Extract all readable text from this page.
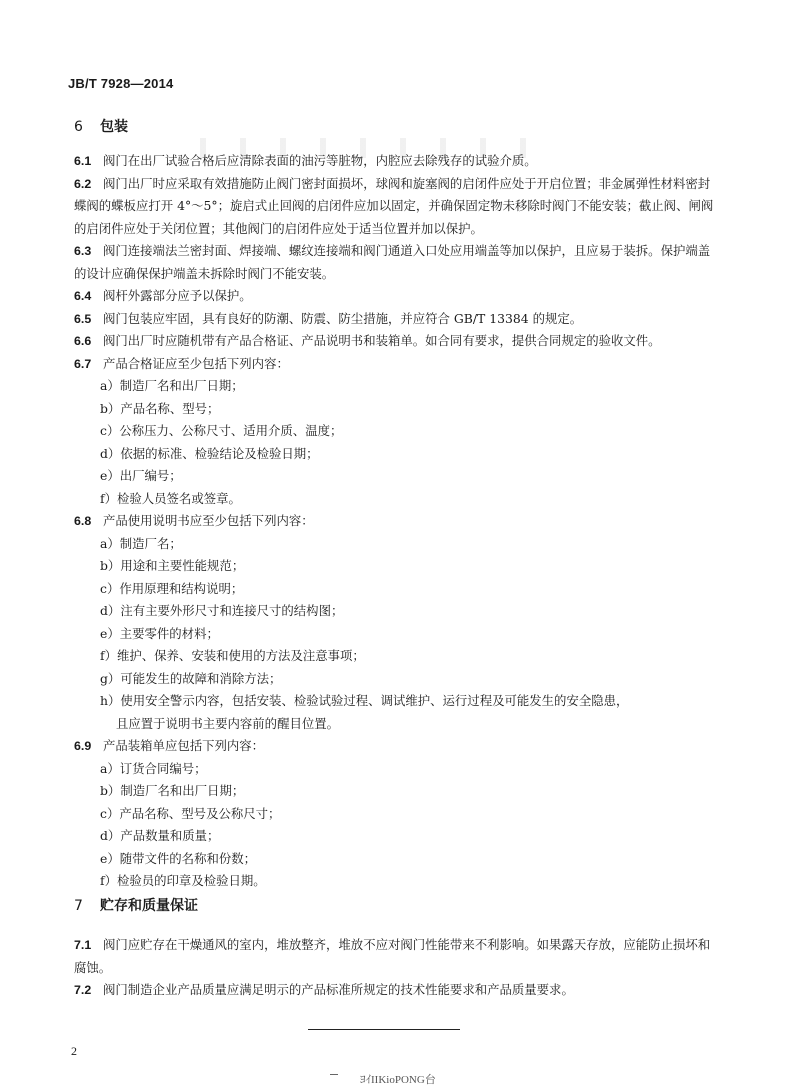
JB/T 7928—2014
6 包装

6.1 阀门在出厂试验合格后应清除表面的油污等脏物，内腔应去除残存的试验介质。

6.2 阀门出厂时应采取有效措施防止阀门密封面损坏，球阀和旋塞阀的启闭件应处于开启位置；非金属弹性材料密封蝶阀的蝶板应打开 4°～5°；旋启式止回阀的启闭件应加以固定，并确保固定物未移除时阀门不能安装；截止阀、闸阀的启闭件应处于关闭位置；其他阀门的启闭件应处于适当位置并加以保护。

6.3 阀门连接端法兰密封面、焊接端、螺纹连接端和阀门通道入口处应用端盖等加以保护，且应易于装拆。保护端盖的设计应确保保护端盖未拆除时阀门不能安装。

6.4 阀杆外露部分应予以保护。

6.5 阀门包装应牢固，具有良好的防潮、防震、防尘措施，并应符合 GB/T 13384 的规定。

6.6 阀门出厂时应随机带有产品合格证、产品说明书和装箱单。如合同有要求，提供合同规定的验收文件。

6.7 产品合格证应至少包括下列内容：

a）制造厂名和出厂日期；

b）产品名称、型号；

c）公称压力、公称尺寸、适用介质、温度；

d）依据的标准、检验结论及检验日期；

e）出厂编号；

f）检验人员签名或签章。

6.8 产品使用说明书应至少包括下列内容：

a）制造厂名；

b）用途和主要性能规范；

c）作用原理和结构说明；

d）注有主要外形尺寸和连接尺寸的结构图；

e）主要零件的材料；

f）维护、保养、安装和使用的方法及注意事项；

g）可能发生的故障和消除方法；

h）使用安全警示内容，包括安装、检验试验过程、调试维护、运行过程及可能发生的安全隐患，

且应置于说明书主要内容前的醒目位置。

6.9 产品装箱单应包括下列内容：

a）订货合同编号；

b）制造厂名和出厂日期；

c）产品名称、型号及公称尺寸；

d）产品数量和质量；

e）随带文件的名称和份数；

f）检验员的印章及检验日期。

7 贮存和质量保证

7.1 阀门应贮存在干燥通风的室内，堆放整齐，堆放不应对阀门性能带来不利影响。如果露天存放，应能防止损坏和腐蚀。

7.2 阀门制造企业产品质量应满足明示的产品标准所规定的技术性能要求和产品质量要求。

2
ﾖｲIIKioPONG台
